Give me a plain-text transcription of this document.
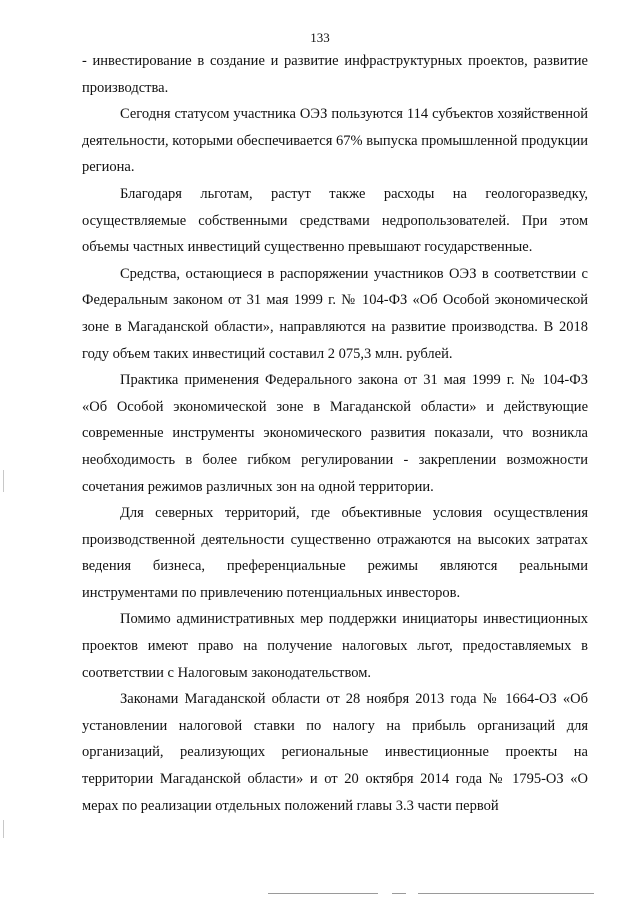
133

- инвестирование в создание и развитие инфраструктурных проектов, развитие производства.

Сегодня статусом участника ОЭЗ пользуются 114 субъектов хозяйственной деятельности, которыми обеспечивается 67% выпуска промышленной продукции региона.

Благодаря льготам, растут также расходы на геологоразведку, осуществляемые собственными средствами недропользователей. При этом объемы частных инвестиций существенно превышают государственные.

Средства, остающиеся в распоряжении участников ОЭЗ в соответствии с Федеральным законом от 31 мая 1999 г. № 104-ФЗ «Об Особой экономической зоне в Магаданской области», направляются на развитие производства. В 2018 году объем таких инвестиций составил 2 075,3 млн. рублей.

Практика применения Федерального закона от 31 мая 1999 г. № 104-ФЗ «Об Особой экономической зоне в Магаданской области» и действующие современные инструменты экономического развития показали, что возникла необходимость в более гибком регулировании - закреплении возможности сочетания режимов различных зон на одной территории.

Для северных территорий, где объективные условия осуществления производственной деятельности существенно отражаются на высоких затратах ведения бизнеса, преференциальные режимы являются реальными инструментами по привлечению потенциальных инвесторов.

Помимо административных мер поддержки инициаторы инвестиционных проектов имеют право на получение налоговых льгот, предоставляемых в соответствии с Налоговым законодательством.

Законами Магаданской области от 28 ноября 2013 года № 1664-ОЗ «Об установлении налоговой ставки по налогу на прибыль организаций для организаций, реализующих региональные инвестиционные проекты на территории Магаданской области» и от 20 октября 2014 года № 1795-ОЗ «О мерах по реализации отдельных положений главы 3.3 части первой
